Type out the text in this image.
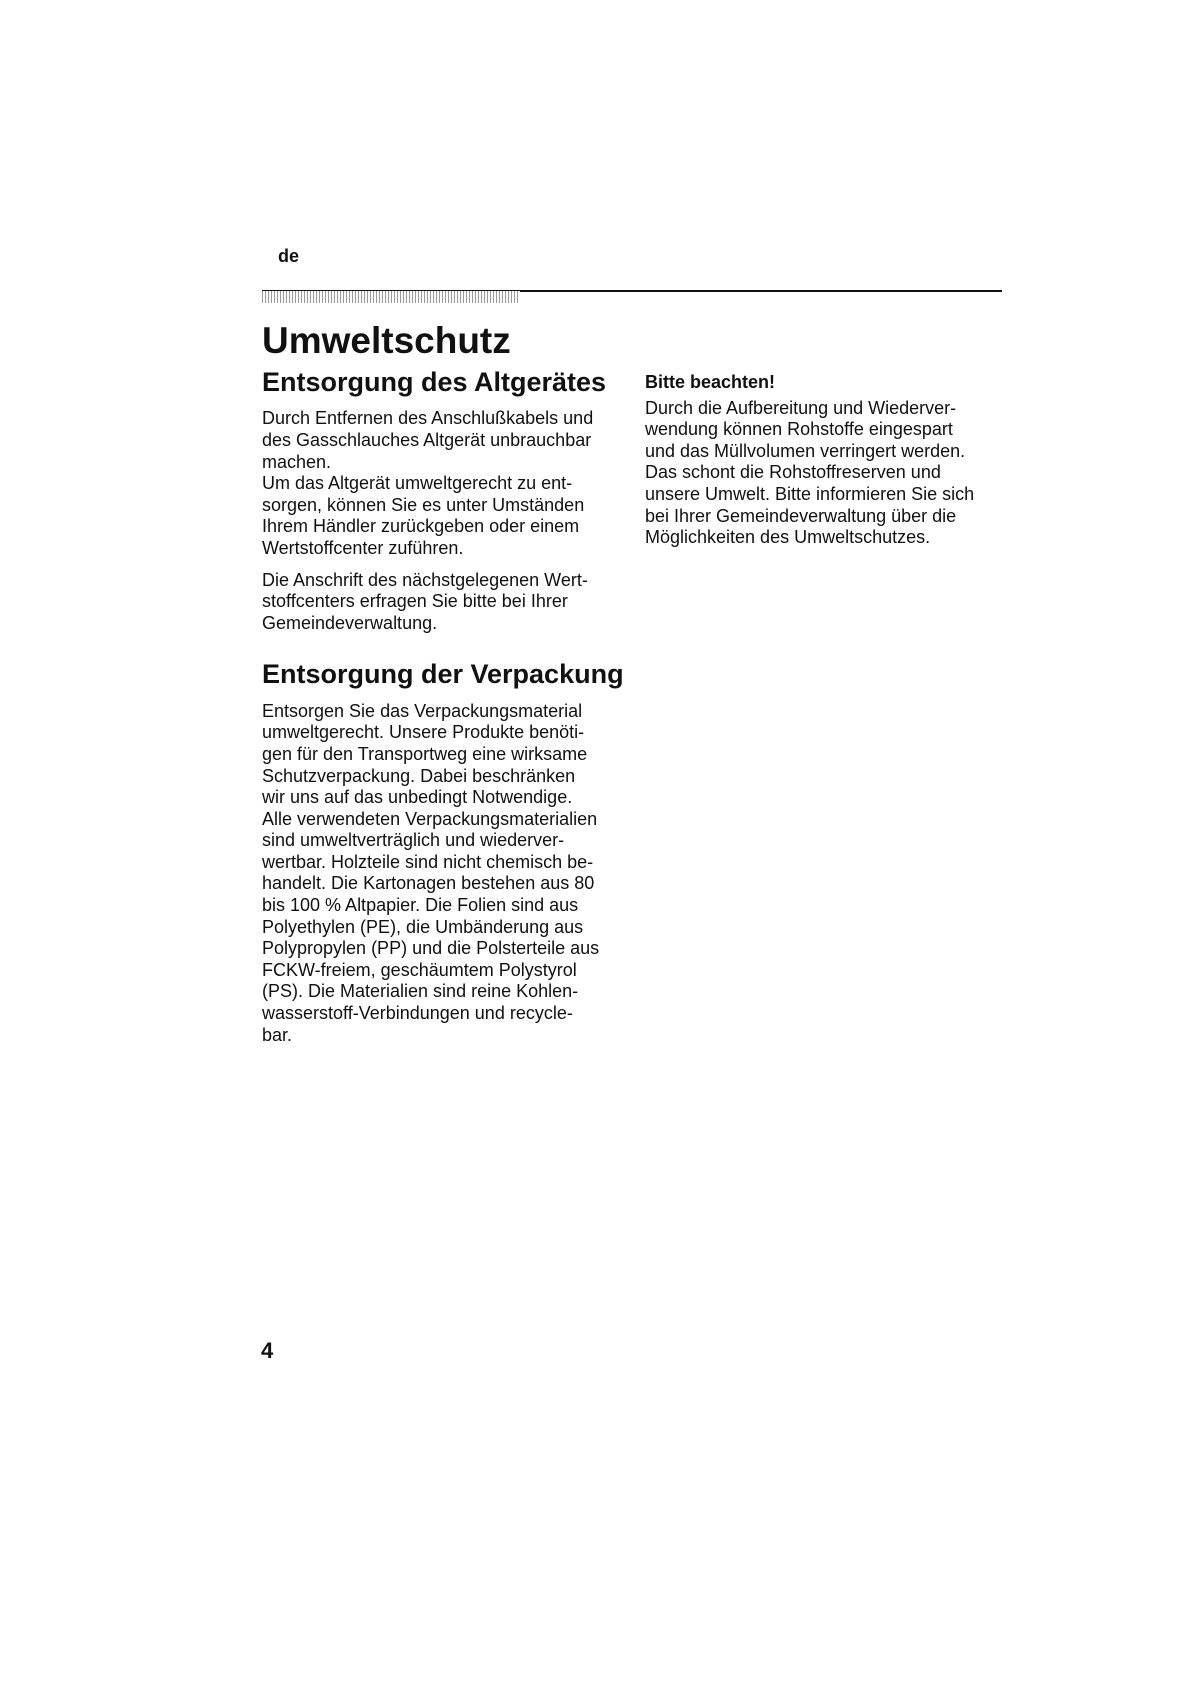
de
Umweltschutz
Entsorgung des Altgerätes

Durch Entfernen des Anschlußkabels und
des Gasschlauches Altgerät unbrauchbar
machen.
Um das Altgerät umweltgerecht zu ent-
sorgen, können Sie es unter Umständen
Ihrem Händler zurückgeben oder einem
Wertstoffcenter zuführen.

Die Anschrift des nächstgelegenen Wert-
stoffcenters erfragen Sie bitte bei Ihrer
Gemeindeverwaltung.

Entsorgung der Verpackung

Entsorgen Sie das Verpackungsmaterial
umweltgerecht. Unsere Produkte benöti-
gen für den Transportweg eine wirksame
Schutzverpackung. Dabei beschränken
wir uns auf das unbedingt Notwendige.
Alle verwendeten Verpackungsmaterialien
sind umweltverträglich und wiederver-
wertbar. Holzteile sind nicht chemisch be-
handelt. Die Kartonagen bestehen aus 80
bis 100 % Altpapier. Die Folien sind aus
Polyethylen (PE), die Umbänderung aus
Polypropylen (PP) und die Polsterteile aus
FCKW-freiem, geschäumtem Polystyrol
(PS). Die Materialien sind reine Kohlen-
wasserstoff-Verbindungen und recycle-
bar.

Bitte beachten!

Durch die Aufbereitung und Wiederver-
wendung können Rohstoffe eingespart
und das Müllvolumen verringert werden.
Das schont die Rohstoffreserven und
unsere Umwelt. Bitte informieren Sie sich
bei Ihrer Gemeindeverwaltung über die
Möglichkeiten des Umweltschutzes.

4
